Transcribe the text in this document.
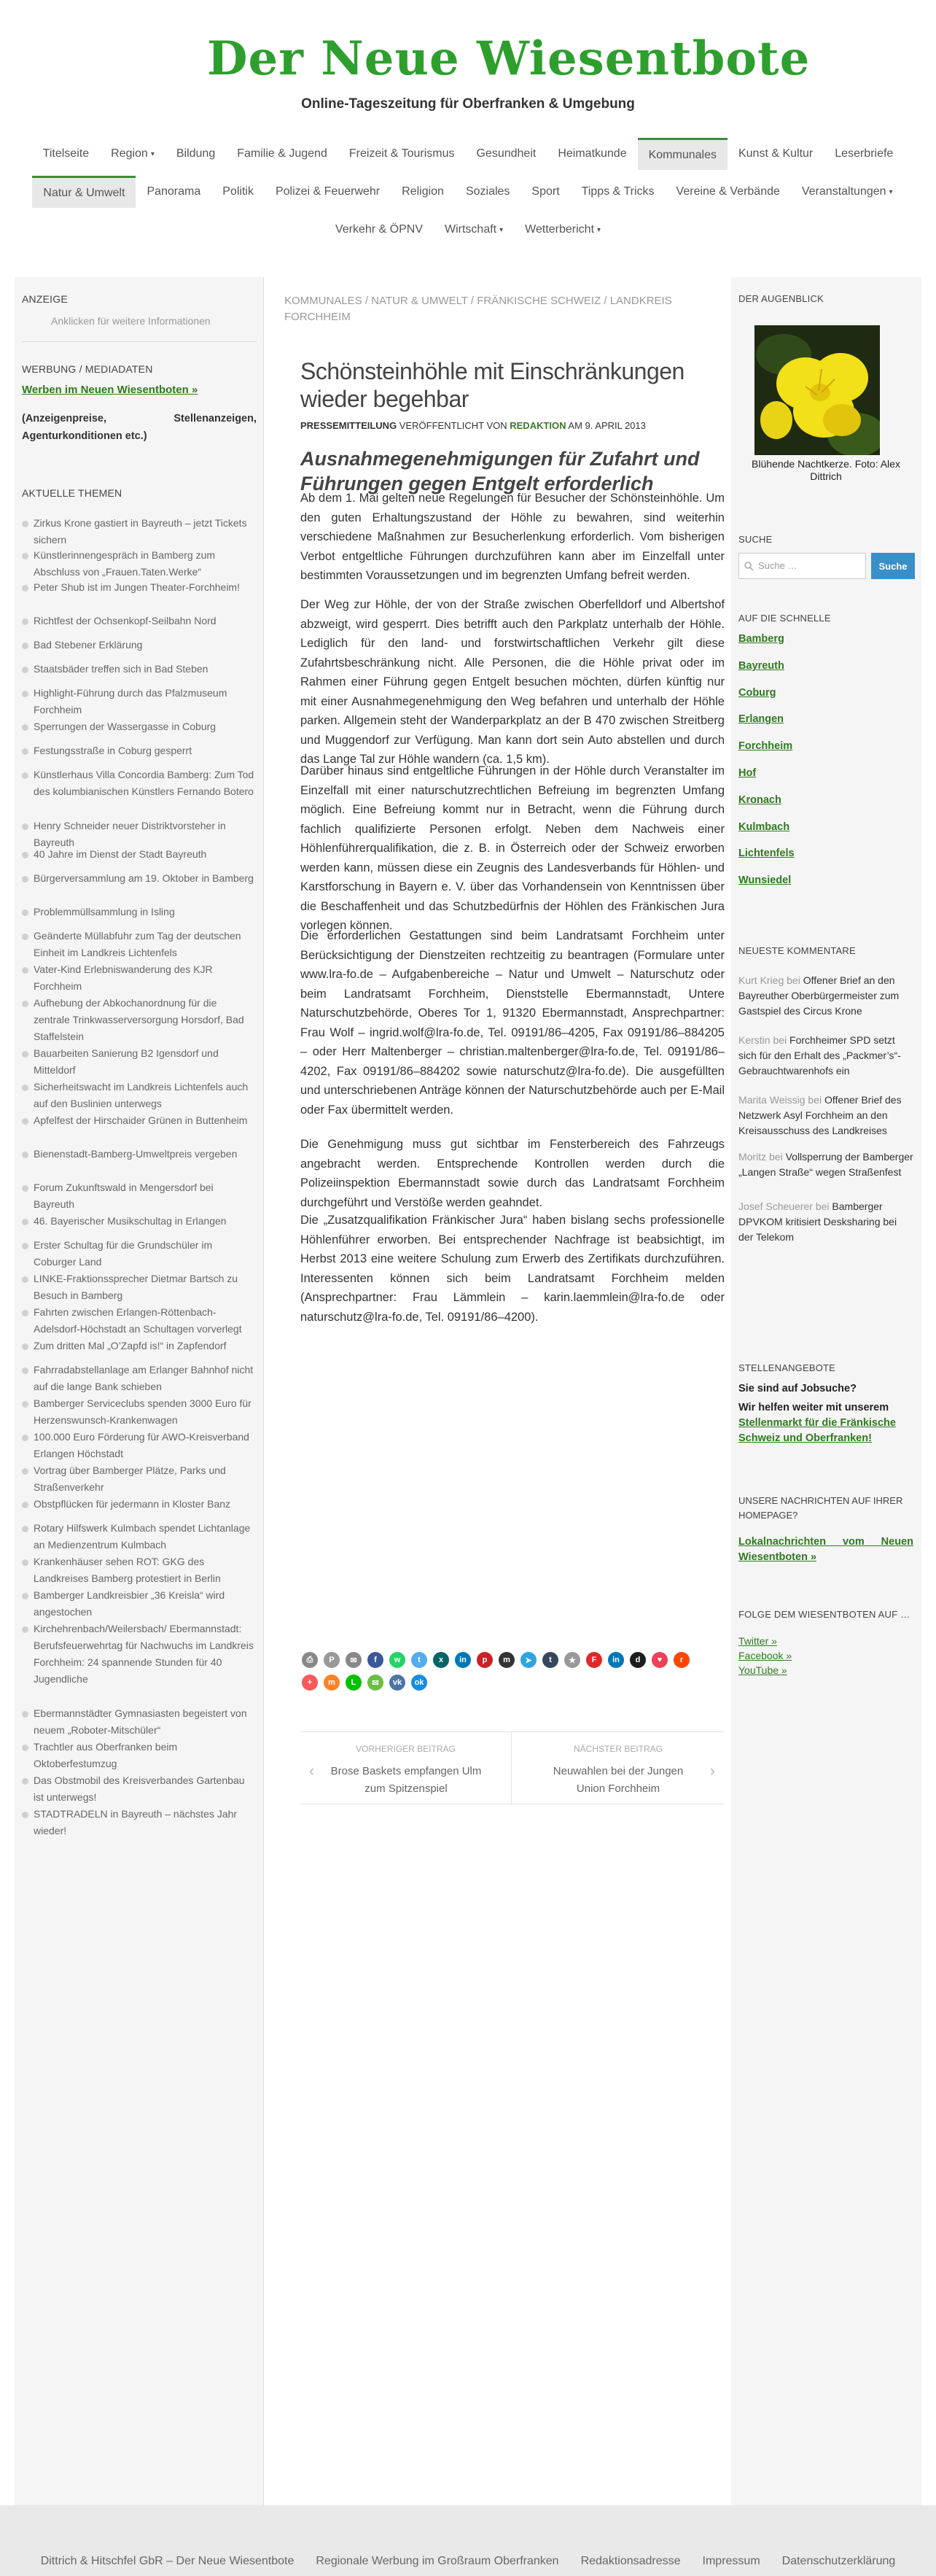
Der Neue Wiesentbote
Online-Tageszeitung für Oberfranken & Umgebung
Titelseite Region ▾ Bildung Familie & Jugend Freizeit & Tourismus Gesundheit Heimatkunde Kommunales Kunst & Kultur Leserbriefe
Natur & Umwelt Panorama Politik Polizei & Feuerwehr Religion Soziales Sport Tipps & Tricks Vereine & Verbände Veranstaltungen ▾
Verkehr & ÖPNV Wirtschaft ▾ Wetterbericht ▾
ANZEIGE
Anklicken für weitere Informationen
WERBUNG / MEDIADATEN
Werben im Neuen Wiesentboten »
(Anzeigenpreise, Stellenanzeigen, Agenturkonditionen etc.)
AKTUELLE THEMEN
Zirkus Krone gastiert in Bayreuth – jetzt Tickets sichern
Künstlerinnengespräch in Bamberg zum Abschluss von „Frauen.Taten.Werke“
Peter Shub ist im Jungen Theater-Forchheim!
Richtfest der Ochsenkopf-Seilbahn Nord
Bad Stebener Erklärung
Staatsbäder treffen sich in Bad Steben
Highlight-Führung durch das Pfalzmuseum Forchheim
Sperrungen der Wassergasse in Coburg
Festungsstraße in Coburg gesperrt
Künstlerhaus Villa Concordia Bamberg: Zum Tod des kolumbianischen Künstlers Fernando Botero
Henry Schneider neuer Distriktvorsteher in Bayreuth
40 Jahre im Dienst der Stadt Bayreuth
Bürgerversammlung am 19. Oktober in Bamberg
Problemmüllsammlung in Isling
Geänderte Müllabfuhr zum Tag der deutschen Einheit im Landkreis Lichtenfels
Vater-Kind Erlebniswanderung des KJR Forchheim
Aufhebung der Abkochanordnung für die zentrale Trinkwasserversorgung Horsdorf, Bad Staffelstein
Bauarbeiten Sanierung B2 Igensdorf und Mitteldorf
Sicherheitswacht im Landkreis Lichtenfels auch auf den Buslinien unterwegs
Apfelfest der Hirschaider Grünen in Buttenheim
Bienenstadt-Bamberg-Umweltpreis vergeben
Forum Zukunftswald in Mengersdorf bei Bayreuth
46. Bayerischer Musikschultag in Erlangen
Erster Schultag für die Grundschüler im Coburger Land
LINKE-Fraktionssprecher Dietmar Bartsch zu Besuch in Bamberg
Fahrten zwischen Erlangen-Röttenbach-Adelsdorf-Höchstadt an Schultagen vorverlegt
Zum dritten Mal „O’Zapfd is!“ in Zapfendorf
Fahrradabstellanlage am Erlanger Bahnhof nicht auf die lange Bank schieben
Bamberger Serviceclubs spenden 3000 Euro für Herzenswunsch-Krankenwagen
100.000 Euro Förderung für AWO-Kreisverband Erlangen Höchstadt
Vortrag über Bamberger Plätze, Parks und Straßenverkehr
Obstpflücken für jedermann in Kloster Banz
Rotary Hilfswerk Kulmbach spendet Lichtanlage an Medienzentrum Kulmbach
Krankenhäuser sehen ROT: GKG des Landkreises Bamberg protestiert in Berlin
Bamberger Landkreisbier „36 Kreisla“ wird angestochen
Kirchehrenbach/Weilersbach/ Ebermannstadt: Berufsfeuerwehrtag für Nachwuchs im Landkreis Forchheim: 24 spannende Stunden für 40 Jugendliche
Ebermannstädter Gymnasiasten begeistert von neuem „Roboter-Mitschüler“
Trachtler aus Oberfranken beim Oktoberfestumzug
Das Obstmobil des Kreisverbandes Gartenbau ist unterwegs!
STADTRADELN in Bayreuth – nächstes Jahr wieder!
KOMMUNALES / NATUR & UMWELT / FRÄNKISCHE SCHWEIZ / LANDKREIS FORCHHEIM
Schönsteinhöhle mit Einschränkungen wieder begehbar
PRESSEMITTEILUNG VERÖFFENTLICHT VON REDAKTION AM 9. APRIL 2013
Ausnahmegenehmigungen für Zufahrt und Führungen gegen Entgelt erforderlich

Ab dem 1. Mai gelten neue Regelungen für Besucher der Schönsteinhöhle. Um den guten Erhaltungszustand der Höhle zu bewahren, sind weiterhin verschiedene Maßnahmen zur Besucherlenkung erforderlich. Vom bisherigen Verbot entgeltliche Führungen durchzuführen kann aber im Einzelfall unter bestimmten Voraussetzungen und im begrenzten Umfang befreit werden.

Der Weg zur Höhle, der von der Straße zwischen Oberfelldorf und Albertshof abzweigt, wird gesperrt. Dies betrifft auch den Parkplatz unterhalb der Höhle. Lediglich für den land- und forstwirtschaftlichen Verkehr gilt diese Zufahrtsbeschränkung nicht. Alle Personen, die die Höhle privat oder im Rahmen einer Führung gegen Entgelt besuchen möchten, dürfen künftig nur mit einer Ausnahmegenehmigung den Weg befahren und unterhalb der Höhle parken. Allgemein steht der Wanderparkplatz an der B 470 zwischen Streitberg und Muggendorf zur Verfügung. Man kann dort sein Auto abstellen und durch das Lange Tal zur Höhle wandern (ca. 1,5 km).

Darüber hinaus sind entgeltliche Führungen in der Höhle durch Veranstalter im Einzelfall mit einer naturschutzrechtlichen Befreiung im begrenzten Umfang möglich. Eine Befreiung kommt nur in Betracht, wenn die Führung durch fachlich qualifizierte Personen erfolgt. Neben dem Nachweis einer Höhlenführerqualifikation, die z. B. in Österreich oder der Schweiz erworben werden kann, müssen diese ein Zeugnis des Landesverbands für Höhlen- und Karstforschung in Bayern e. V. über das Vorhandensein von Kenntnissen über die Beschaffenheit und das Schutzbedürfnis der Höhlen des Fränkischen Jura vorlegen können.

Die erforderlichen Gestattungen sind beim Landratsamt Forchheim unter Berücksichtigung der Dienstzeiten rechtzeitig zu beantragen (Formulare unter www.lra-fo.de – Aufgabenbereiche – Natur und Umwelt – Naturschutz oder beim Landratsamt Forchheim, Dienststelle Ebermannstadt, Untere Naturschutzbehörde, Oberes Tor 1, 91320 Ebermannstadt, Ansprechpartner: Frau Wolf – ingrid.wolf@lra-fo.de, Tel. 09191/86–4205, Fax 09191/86–884205 – oder Herr Maltenberger – christian.maltenberger@lra-fo.de, Tel. 09191/86–4202, Fax 09191/86–884202 sowie naturschutz@lra-fo.de). Die ausgefüllten und unterschriebenen Anträge können der Naturschutzbehörde auch per E-Mail oder Fax übermittelt werden.

Die Genehmigung muss gut sichtbar im Fensterbereich des Fahrzeugs angebracht werden. Entsprechende Kontrollen werden durch die Polizeiinspektion Ebermannstadt sowie durch das Landratsamt Forchheim durchgeführt und Verstöße werden geahndet.

Die „Zusatzqualifikation Fränkischer Jura“ haben bislang sechs professionelle Höhlenführer erworben. Bei entsprechender Nachfrage ist beabsichtigt, im Herbst 2013 eine weitere Schulung zum Erwerb des Zertifikats durchzuführen. Interessenten können sich beim Landratsamt Forchheim melden (Ansprechpartner: Frau Lämmlein – karin.laemmlein@lra-fo.de oder naturschutz@lra-fo.de, Tel. 09191/86–4200).

⎙	P	✉	f	w	t	x	in	p	m	➤	t	★	F	in	d	♥	r
+	m	L	✉	vk	ok
VORHERIGER BEITRAG
‹ Brose Baskets empfangen Ulm zum Spitzenspiel
NÄCHSTER BEITRAG
Neuwahlen bei der Jungen Union Forchheim
›
DER AUGENBLICK
Blühende Nachtkerze. Foto: Alex Dittrich
SUCHE
Suche …	Suche
AUF DIE SCHNELLE
Bamberg
Bayreuth
Coburg
Erlangen
Forchheim
Hof
Kronach
Kulmbach
Lichtenfels
Wunsiedel
NEUESTE KOMMENTARE
Kurt Krieg bei Offener Brief an den Bayreuther Oberbürgermeister zum Gastspiel des Circus Krone
Kerstin bei Forchheimer SPD setzt sich für den Erhalt des „Packmer’s“-Gebrauchtwarenhofs ein
Marita Weissig bei Offener Brief des Netzwerk Asyl Forchheim an den Kreisausschuss des Landkreises
Moritz bei Vollsperrung der Bamberger „Langen Straße“ wegen Straßenfest
Josef Scheuerer bei Bamberger DPVKOM kritisiert Desksharing bei der Telekom
STELLENANGEBOTE
Sie sind auf Jobsuche?
Wir helfen weiter mit unserem Stellenmarkt für die Fränkische Schweiz und Oberfranken!
UNSERE NACHRICHTEN AUF IHRER HOMEPAGE?
Lokalnachrichten vom Neuen Wiesentboten »
FOLGE DEM WIESENTBOTEN AUF …
Twitter »
Facebook »
YouTube »
Dittrich & Hitschfel GbR – Der Neue Wiesentbote Regionale Werbung im Großraum Oberfranken Redaktionsadresse Impressum Datenschutzerklärung
